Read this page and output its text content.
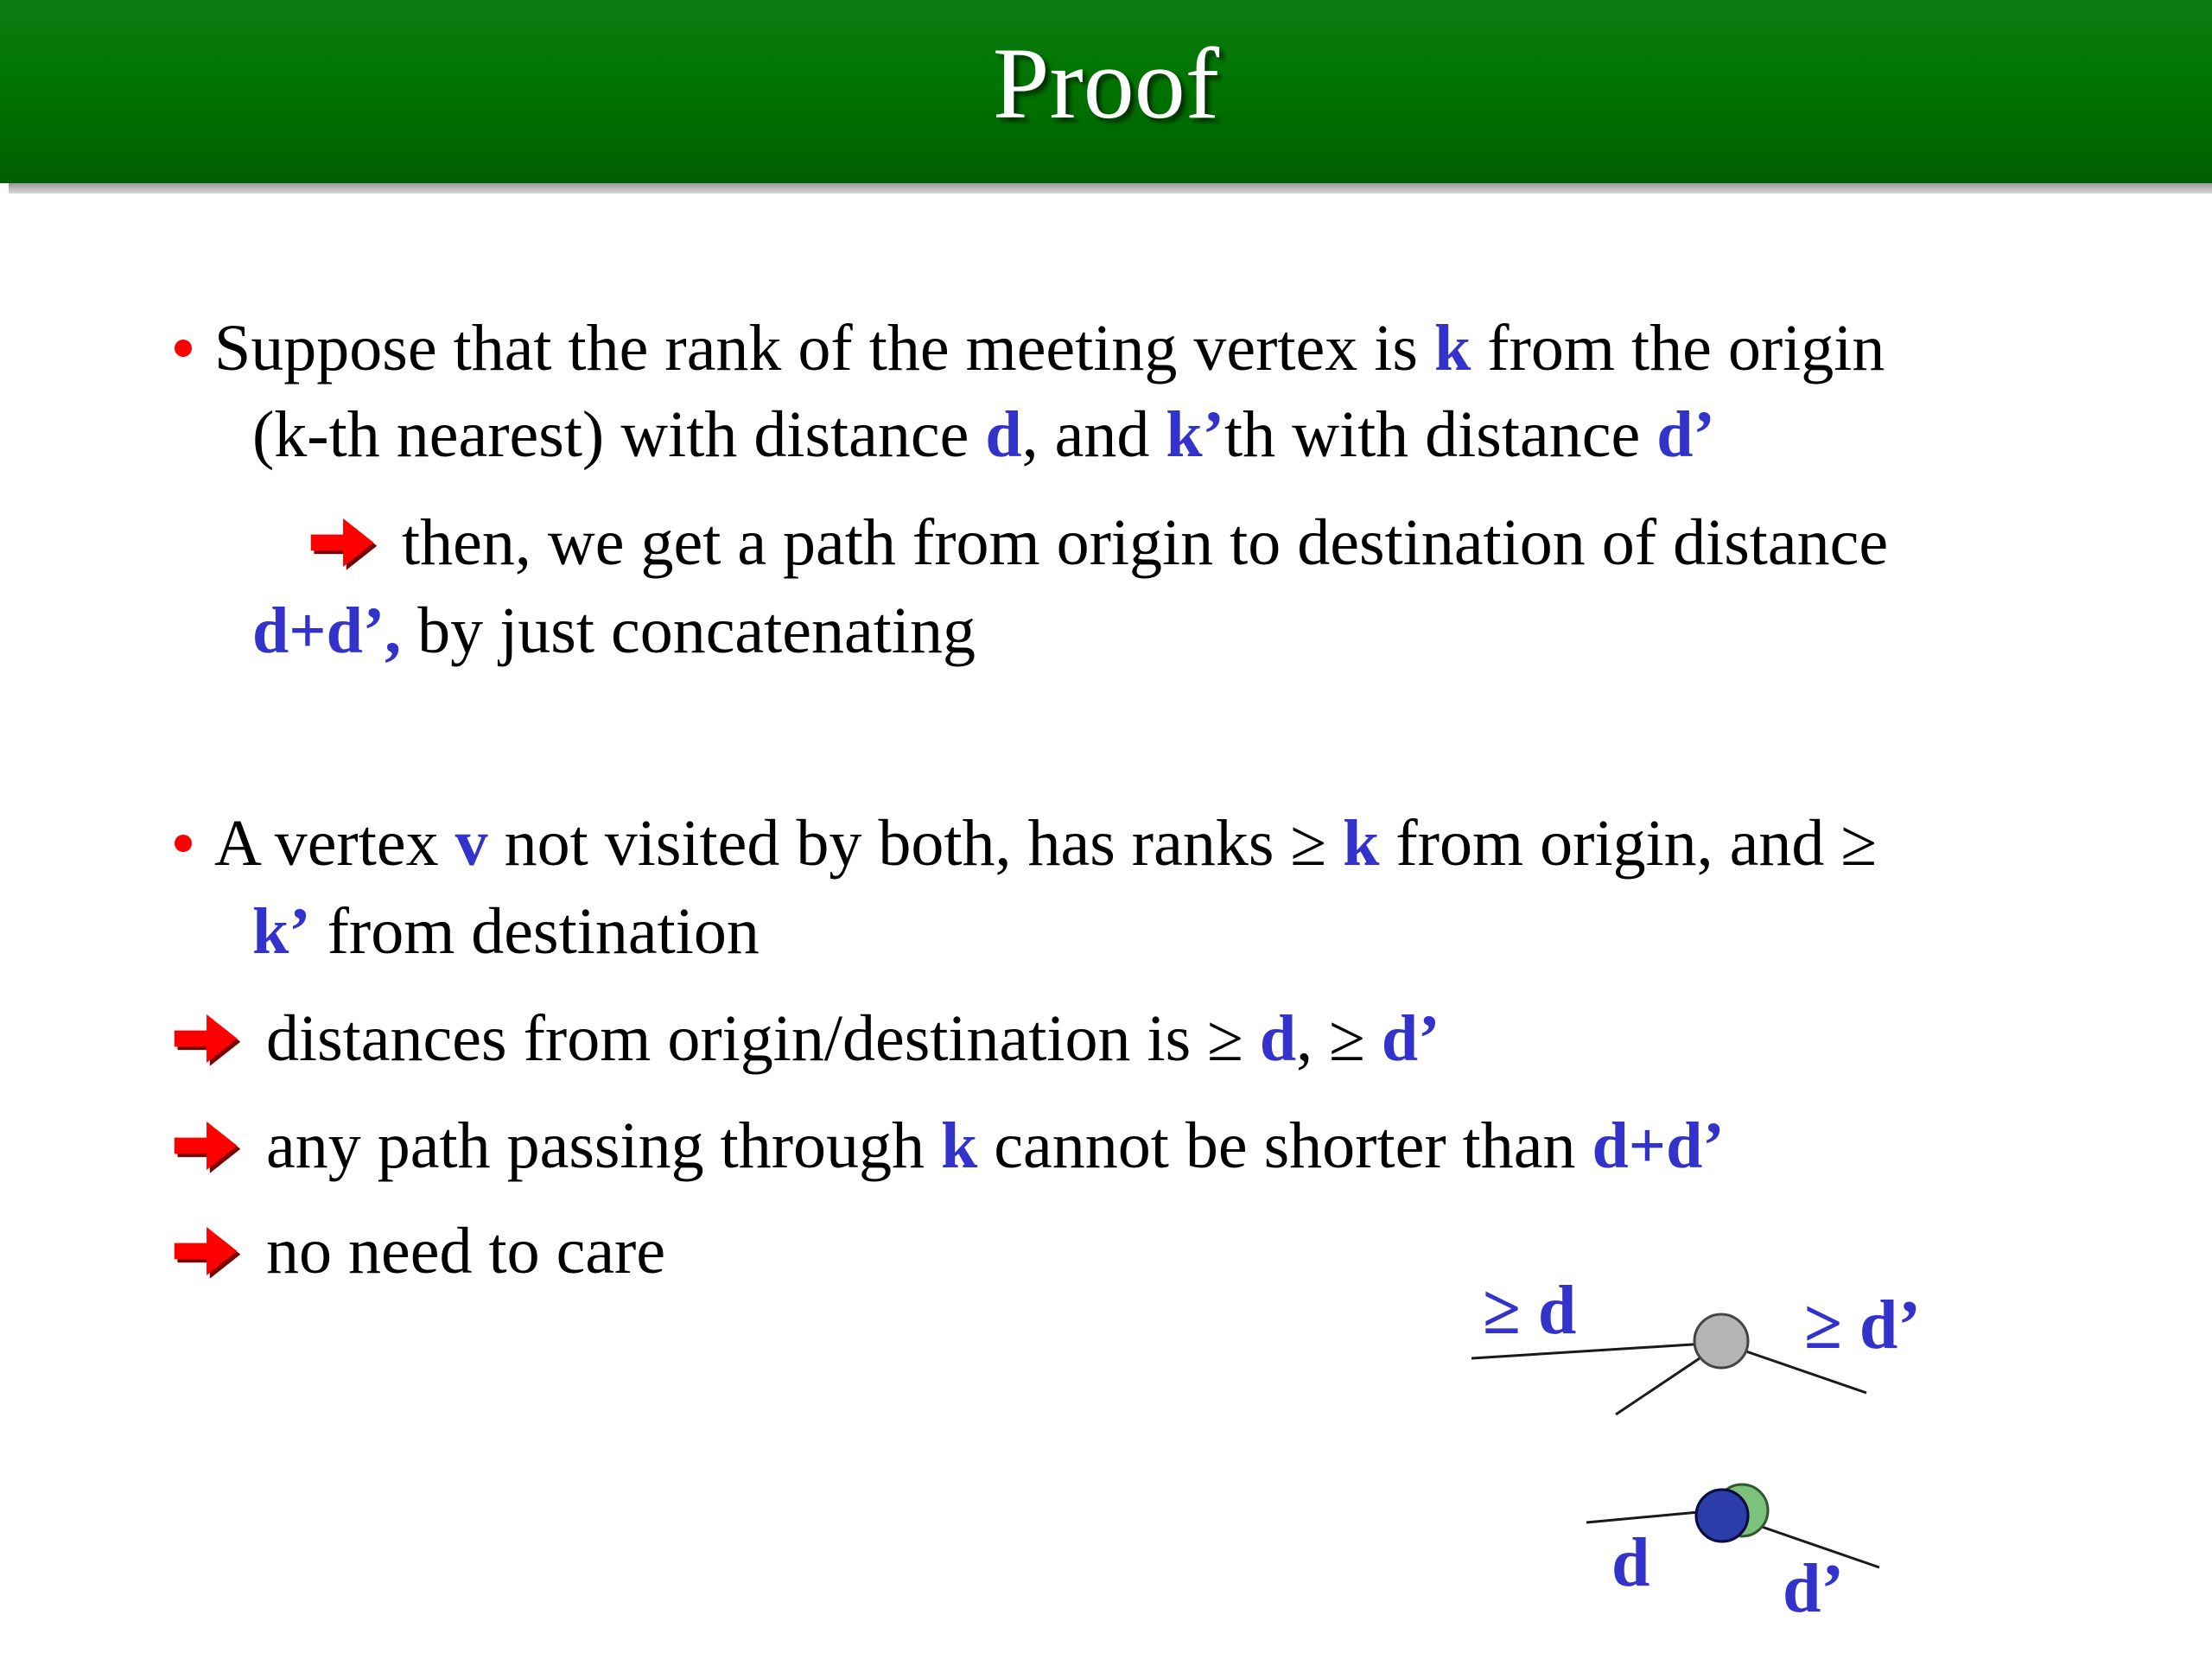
Proof
Suppose that the rank of the meeting vertex is k from the origin
(k-th nearest) with distance d, and k’th with distance d’
then, we get a path from origin to destination of distance
d+d’, by just concatenating
A vertex v not visited by both, has ranks ≥ k from origin, and ≥
k’ from destination
distances from origin/destination is ≥ d, ≥ d’
any path passing through k cannot be shorter than d+d’
no need to care
≥ d	≥ d’
d d’
